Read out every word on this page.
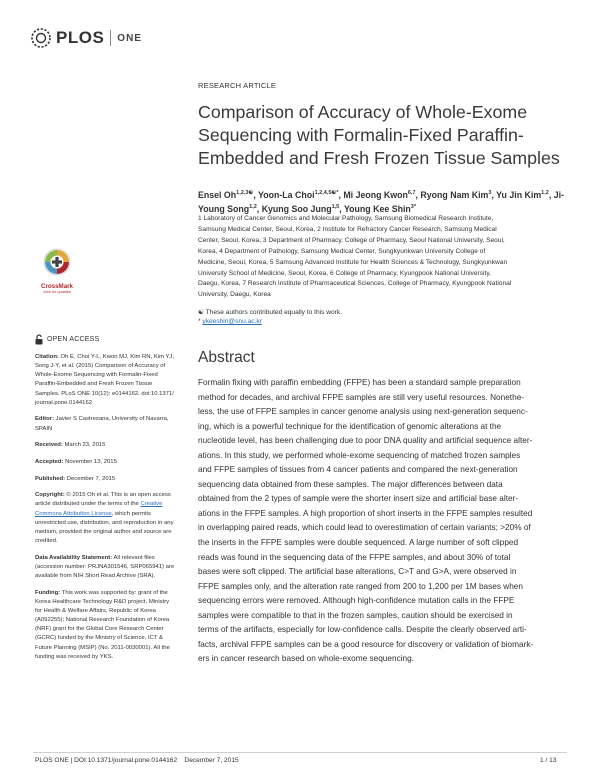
PLOS ONE
RESEARCH ARTICLE
Comparison of Accuracy of Whole-Exome
Sequencing with Formalin-Fixed Paraffin-
Embedded and Fresh Frozen Tissue Samples
Ensel $Oh^{1,2,3☯}$, Yoon-La Choi$^{1,2,4,5☯*}$, Mi Jeong Kwon$^{6,7}$, Ryong Nam Kim$^3$, Yu Jin Kim$^{1,2}$, Ji-Young Song$^{1,2}$, Kyung Soo Jung$^{1,5}$, Young Kee Shin$^{3*}$
1 Laboratory of Cancer Genomics and Molecular Pathology, Samsung Biomedical Research Institute,
Samsung Medical Center, Seoul, Korea, 2 Institute for Refractory Cancer Research, Samsung Medical
Center, Seoul, Korea, 3 Department of Pharmacy, College of Pharmacy, Seoul National University, Seoul,
Korea, 4 Department of Pathology, Samsung Medical Center, Sungkyunkwan University College of
Medicine, Seoul, Korea, 5 Samsung Advanced Institute for Health Sciences & Technology, Sungkyunkwan
University School of Medicine, Seoul, Korea, 6 College of Pharmacy, Kyungpook National University,
Daegu, Korea, 7 Research Institute of Pharmaceutical Sciences, College of Pharmacy, Kyungpook National
University, Daegu, Korea
☯ These authors contributed equally to this work.
* ykeeshin@snu.ac.kr
CrossMark
click for updates
OPEN ACCESS
Citation: Oh E, Choi Y-L, Kwon MJ, Kim RN, Kim YJ,
Song J-Y, et al. (2015) Comparison of Accuracy of
Whole-Exome Sequencing with Formalin-Fixed
Paraffin-Embedded and Fresh Frozen Tissue
Samples. PLoS ONE 10(12): e0144162. doi:10.1371/
journal.pone.0144162
Editor: Javier S Castresana, University of Navarra,
SPAIN
Received: March 23, 2015
Accepted: November 13, 2015
Published: December 7, 2015
Copyright: © 2015 Oh et al. This is an open access
article distributed under the terms of the Creative
Commons Attribution License, which permits
unrestricted use, distribution, and reproduction in any
medium, provided the original author and source are
credited.
Data Availability Statement: All relevant files
(accession number: PRJNA301546, SRP065941) are
available from NIH Short Read Archive (SRA).
Funding: This work was supported by: grant of the
Korea Healthcare Technology R&D project, Ministry
for Health & Welfare Affairs, Republic of Korea
(A092255); National Research Foundation of Korea
(NRF) grant for the Global Core Research Center
(GCRC) funded by the Ministry of Science, ICT &
Future Planning (MSIP) (No. 2011-0030001). All the
funding was received by YKS.
Abstract
Formalin fixing with paraffin embedding (FFPE) has been a standard sample preparation
method for decades, and archival FFPE samples are still very useful resources. Nonethe-
less, the use of FFPE samples in cancer genome analysis using next-generation sequenc-
ing, which is a powerful technique for the identification of genomic alterations at the
nucleotide level, has been challenging due to poor DNA quality and artificial sequence alter-
ations. In this study, we performed whole-exome sequencing of matched frozen samples
and FFPE samples of tissues from 4 cancer patients and compared the next-generation
sequencing data obtained from these samples. The major differences between data
obtained from the 2 types of sample were the shorter insert size and artificial base alter-
ations in the FFPE samples. A high proportion of short inserts in the FFPE samples resulted
in overlapping paired reads, which could lead to overestimation of certain variants; >20% of
the inserts in the FFPE samples were double sequenced. A large number of soft clipped
reads was found in the sequencing data of the FFPE samples, and about 30% of total
bases were soft clipped. The artificial base alterations, C>T and G>A, were observed in
FFPE samples only, and the alteration rate ranged from 200 to 1,200 per 1M bases when
sequencing errors were removed. Although high-confidence mutation calls in the FFPE
samples were compatible to that in the frozen samples, caution should be exercised in
terms of the artifacts, especially for low-confidence calls. Despite the clearly observed arti-
facts, archival FFPE samples can be a good resource for discovery or validation of biomark-
ers in cancer research based on whole-exome sequencing.
PLOS ONE | DOI:10.1371/journal.pone.0144162    December 7, 2015	1 / 13
